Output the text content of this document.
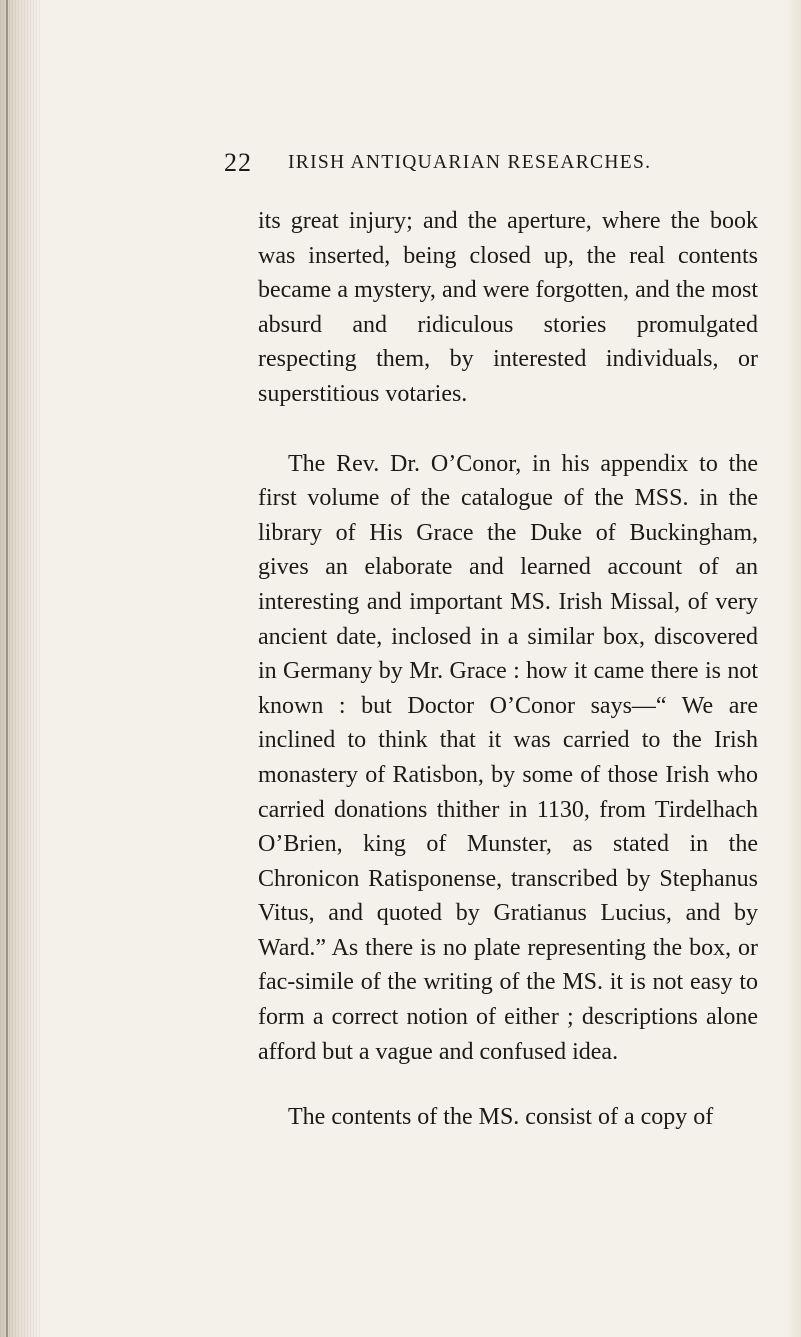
22 IRISH ANTIQUARIAN RESEARCHES.

its great injury; and the aperture, where the book was inserted, being closed up, the real contents became a mystery, and were forgotten, and the most absurd and ridiculous stories promulgated respecting them, by interested individuals, or superstitious votaries.

The Rev. Dr. O’Conor, in his appendix to the first volume of the catalogue of the MSS. in the library of His Grace the Duke of Buckingham, gives an elaborate and learned account of an interesting and important MS. Irish Missal, of very ancient date, inclosed in a similar box, discovered in Germany by Mr. Grace : how it came there is not known : but Doctor O’Conor says—“ We are inclined to think that it was carried to the Irish monastery of Ratisbon, by some of those Irish who carried donations thither in 1130, from Tirdelhach O’Brien, king of Munster, as stated in the Chronicon Ratisponense, transcribed by Stephanus Vitus, and quoted by Gratianus Lucius, and by Ward.” As there is no plate representing the box, or fac-simile of the writing of the MS. it is not easy to form a correct notion of either ; descriptions alone afford but a vague and confused idea.

The contents of the MS. consist of a copy of
